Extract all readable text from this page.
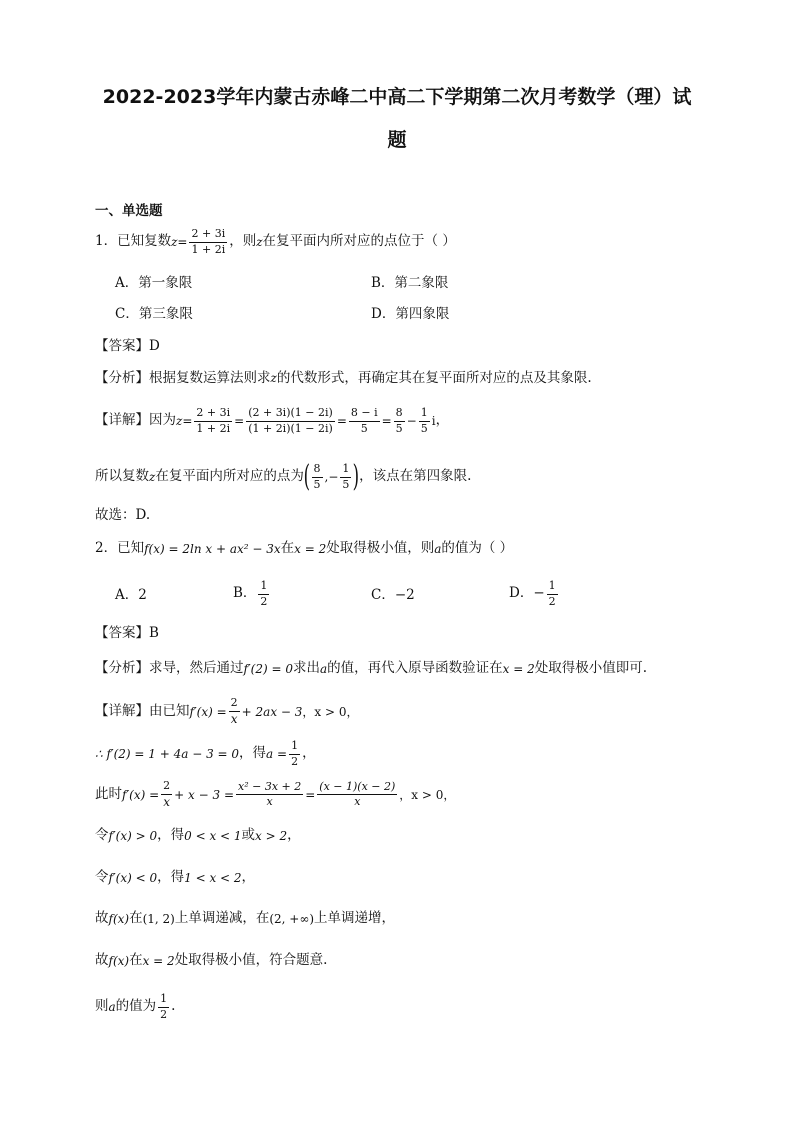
2022-2023学年内蒙古赤峰二中高二下学期第二次月考数学（理）试
题
一、单选题
1．已知复数 $z = \frac{2 + 3i}{1 + 2i}$ ，则 z 在复平面内所对应的点位于（ ）
A．第一象限	B．第二象限
C．第三象限	D．第四象限
【答案】D
【分析】根据复数运算法则求z的代数形式，再确定其在复平面所对应的点及其象限.
【详解】 因为 $z = \frac{2 + 3i}{1 + 2i} = \frac{(2 + 3i)(1 - 2i)}{(1 + 2i)(1 - 2i)} = \frac{8 - i}{5} = \frac{8}{5} - \frac{1}{5}$ i ，
所以复数 z 在复平面内所对应的点为 ( $\frac{8}{5}$ ,− $\frac{1}{5}$ ) ，该点在第四象限.
故选：D.
2．已知 f(x) = 2ln x + ax² − 3x 在 x = 2 处取得极小值，则 a 的值为（ ）
A．2	B． $\frac{1}{2}$	C．−2	D．− $\frac{1}{2}$
【答案】B
【分析】 求导，然后通过 f′(2) = 0 求出 a 的值，再代入原导函数验证在 x = 2 处取得极小值即可.
【详解】 由已知 $f'(x) = \frac{2}{x} + 2ax - 3$ ，x > 0，
∴ f′(2) = 1 + 4a − 3 = 0 ，得 $a = \frac{1}{2}$ ，
此时 $f'(x) = \frac{2}{x} + x - 3 = \frac{\text{x² − 3x + 2}}{x} = \frac{(x - 1)(x - 2)}{x}$ ，x > 0，
令 f′(x) > 0 ，得 0 < x < 1 或 x > 2 ，
令 f′(x) < 0 ，得 1 < x < 2 ，
故 f(x) 在 (1, 2) 上单调递减，在 (2, +∞) 上单调递增，
故 f(x) 在 x = 2 处取得极小值，符合题意.
则 a 的值为 $\frac{1}{2}$ .
